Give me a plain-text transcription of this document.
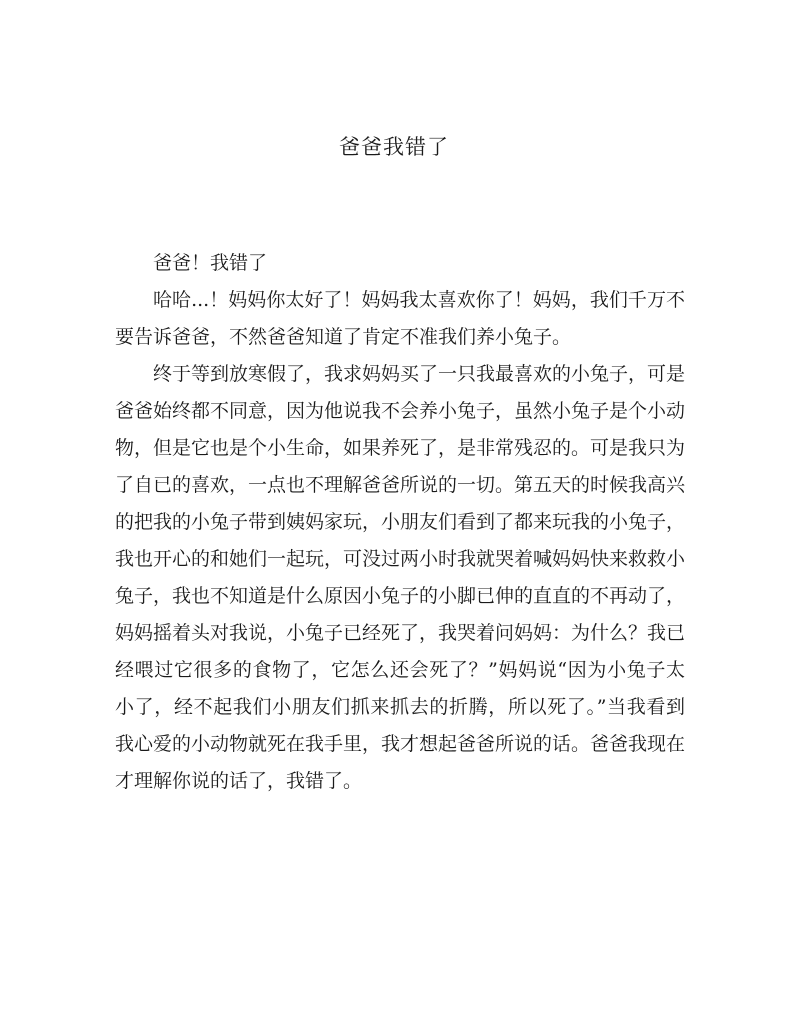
爸爸我错了

爸爸！我错了

哈哈...！妈妈你太好了！妈妈我太喜欢你了！妈妈，我们千万不要告诉爸爸，不然爸爸知道了肯定不准我们养小兔子。

终于等到放寒假了，我求妈妈买了一只我最喜欢的小兔子，可是爸爸始终都不同意，因为他说我不会养小兔子，虽然小兔子是个小动物，但是它也是个小生命，如果养死了，是非常残忍的。可是我只为了自已的喜欢，一点也不理解爸爸所说的一切。第五天的时候我高兴的把我的小兔子带到姨妈家玩，小朋友们看到了都来玩我的小兔子，我也开心的和她们一起玩，可没过两小时我就哭着喊妈妈快来救救小兔子，我也不知道是什么原因小兔子的小脚已伸的直直的不再动了，妈妈摇着头对我说，小兔子已经死了，我哭着问妈妈：为什么？我已经喂过它很多的食物了，它怎么还会死了？”妈妈说“因为小兔子太小了，经不起我们小朋友们抓来抓去的折腾，所以死了。”当我看到我心爱的小动物就死在我手里，我才想起爸爸所说的话。爸爸我现在才理解你说的话了，我错了。
